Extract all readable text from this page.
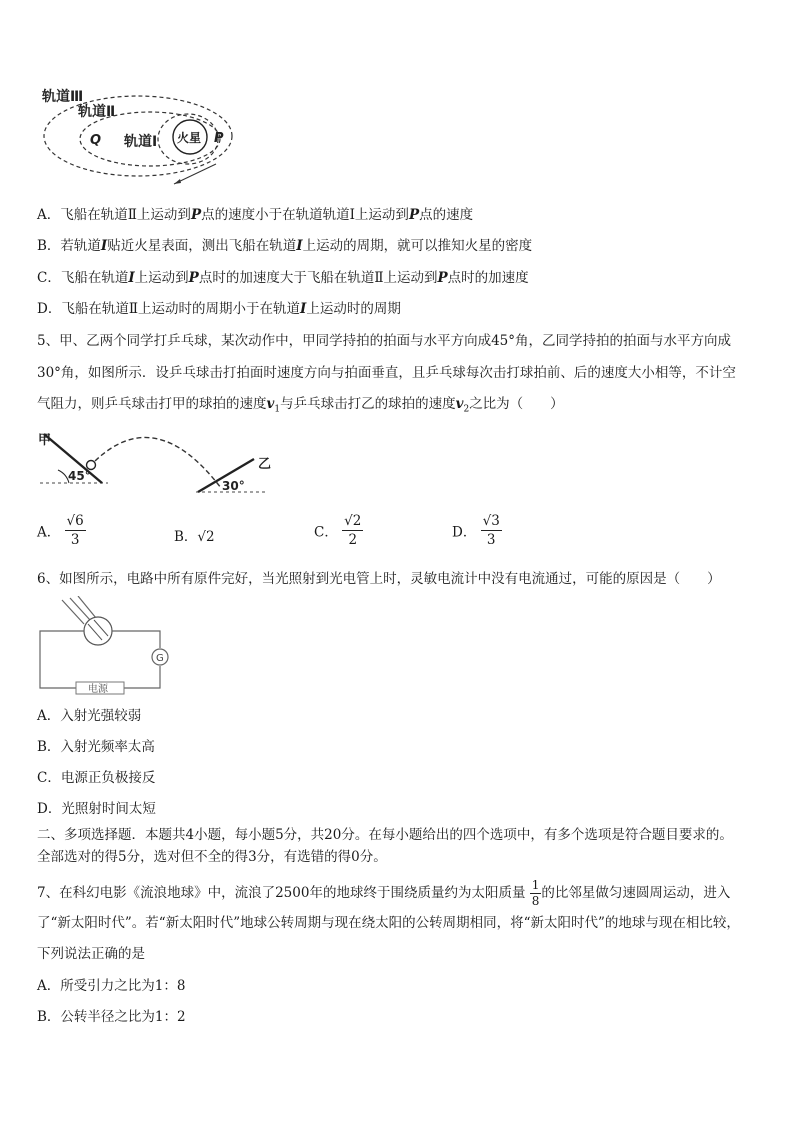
轨道Ⅲ
轨道Ⅱ
Q 轨道Ⅰ 火星 P
A．飞船在轨道Ⅱ上运动到P点的速度小于在轨道轨道Ⅰ上运动到P点的速度
B．若轨道I贴近火星表面，测出飞船在轨道I上运动的周期，就可以推知火星的密度
C．飞船在轨道I上运动到P点时的加速度大于飞船在轨道Ⅱ上运动到P点时的加速度
D．飞船在轨道Ⅱ上运动时的周期小于在轨道I上运动时的周期
5、甲、乙两个同学打乒乓球，某次动作中，甲同学持拍的拍面与水平方向成45°角，乙同学持拍的拍面与水平方向成
30°角，如图所示．设乒乓球击打拍面时速度方向与拍面垂直，且乒乓球每次击打球拍前、后的速度大小相等，不计空
气阻力，则乒乓球击打甲的球拍的速度$v_1$与乒乓球击打乙的球拍的速度$v_2$之比为（　　）
甲
45°
乙
30°
A． $\frac{√6}{3}$	B．√2	C． $\frac{√2}{2}$	D． $\frac{√3}{3}$
6、如图所示，电路中所有原件完好，当光照射到光电管上时，灵敏电流计中没有电流通过，可能的原因是（　　）
G
电源
A．入射光强较弱
B．入射光频率太高
C．电源正负极接反
D．光照射时间太短
二、多项选择题．本题共4小题，每小题5分，共20分。在每小题给出的四个选项中，有多个选项是符合题目要求的。
全部选对的得5分，选对但不全的得3分，有选错的得0分。
7、在科幻电影《流浪地球》中，流浪了2500年的地球终于围绕质量约为太阳质量 $\frac{1}{8}$ 的比邻星做匀速圆周运动，进入
了“新太阳时代”。若“新太阳时代”地球公转周期与现在绕太阳的公转周期相同，将“新太阳时代”的地球与现在相比较，
下列说法正确的是
A．所受引力之比为1：8
B．公转半径之比为1：2
